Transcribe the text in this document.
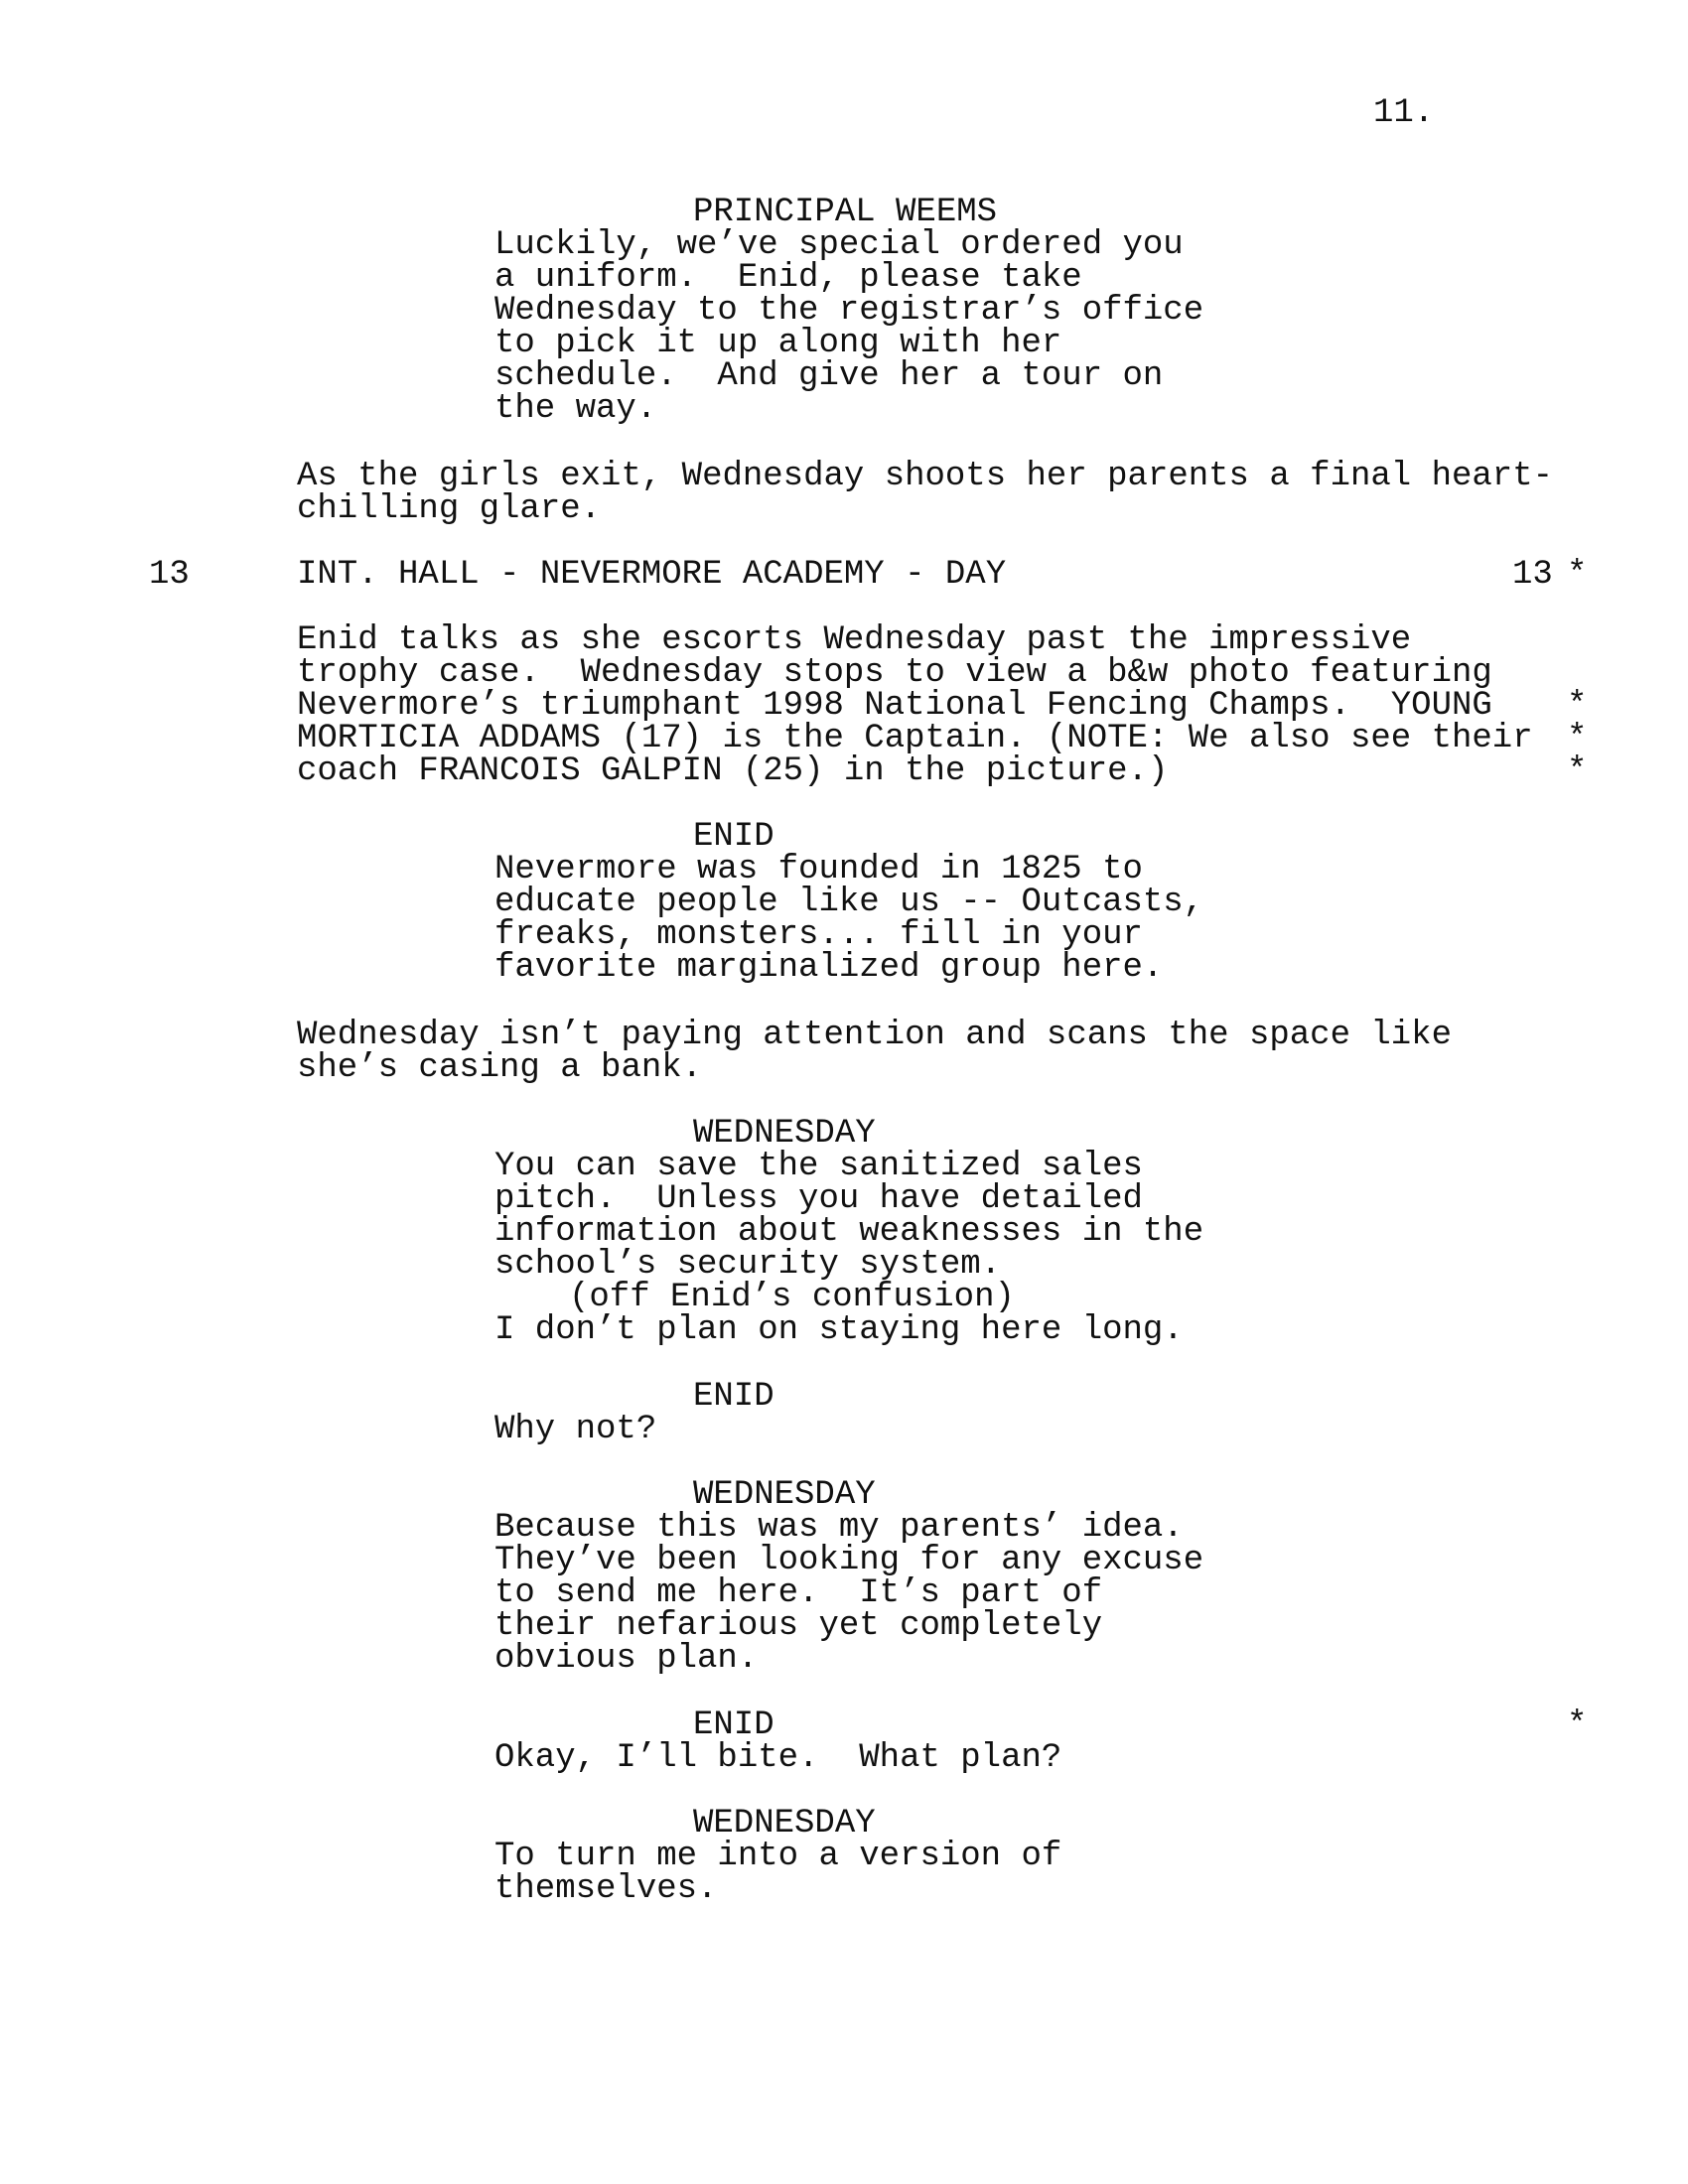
11.
PRINCIPAL WEEMS
Luckily, we’ve special ordered you
a uniform.  Enid, please take
Wednesday to the registrar’s office
to pick it up along with her
schedule.  And give her a tour on
the way.
As the girls exit, Wednesday shoots her parents a final heart-
chilling glare.
13	INT. HALL - NEVERMORE ACADEMY - DAY	13 *
Enid talks as she escorts Wednesday past the impressive
trophy case.  Wednesday stops to view a b&w photo featuring
Nevermore’s triumphant 1998 National Fencing Champs.  YOUNG
MORTICIA ADDAMS (17) is the Captain. (NOTE: We also see their
coach FRANCOIS GALPIN (25) in the picture.)
*
*
*
ENID
Nevermore was founded in 1825 to
educate people like us -- Outcasts,
freaks, monsters... fill in your
favorite marginalized group here.
Wednesday isn’t paying attention and scans the space like
she’s casing a bank.
WEDNESDAY
You can save the sanitized sales
pitch.  Unless you have detailed
information about weaknesses in the
school’s security system.
(off Enid’s confusion)
I don’t plan on staying here long.
ENID
Why not?
WEDNESDAY
Because this was my parents’ idea.
They’ve been looking for any excuse
to send me here.  It’s part of
their nefarious yet completely
obvious plan.
ENID	*
Okay, I’ll bite.  What plan?
WEDNESDAY
To turn me into a version of
themselves.
